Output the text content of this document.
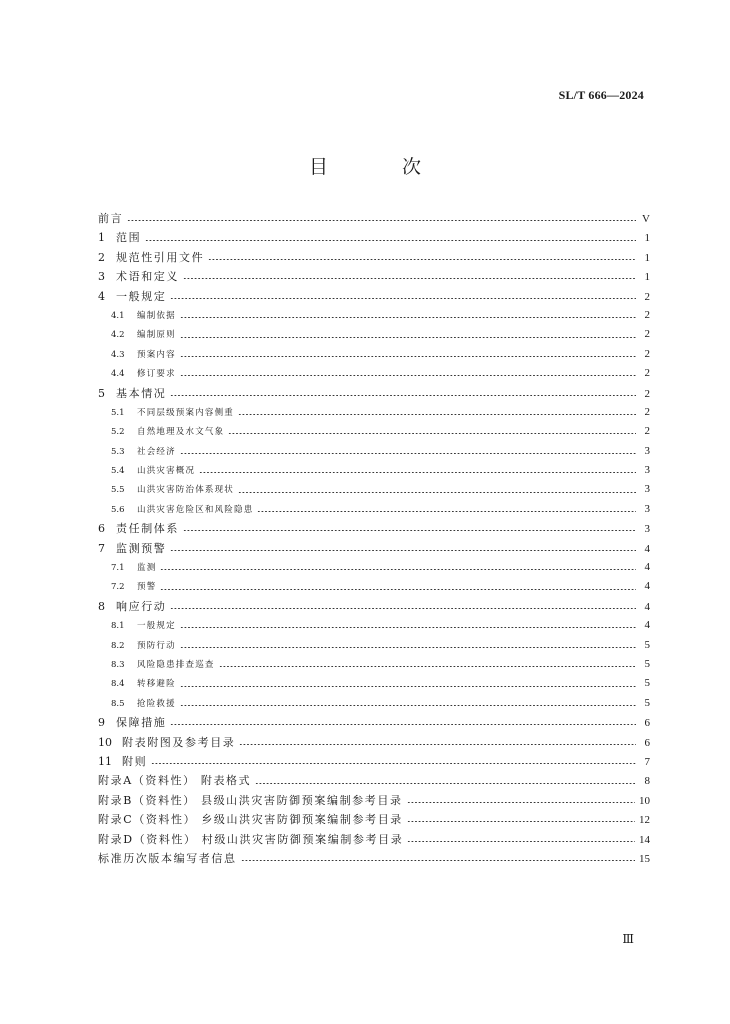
SL/T 666—2024
目 次
前言	V
1	范围	1
2	规范性引用文件	1
3	术语和定义	1
4	一般规定	2
4.1	编制依据	2
4.2	编制原则	2
4.3	预案内容	2
4.4	修订要求	2
5	基本情况	2
5.1	不同层级预案内容侧重	2
5.2	自然地理及水文气象	2
5.3	社会经济	3
5.4	山洪灾害概况	3
5.5	山洪灾害防治体系现状	3
5.6	山洪灾害危险区和风险隐患	3
6	责任制体系	3
7	监测预警	4
7.1	监测	4
7.2	预警	4
8	响应行动	4
8.1	一般规定	4
8.2	预防行动	5
8.3	风险隐患排查巡查	5
8.4	转移避险	5
8.5	抢险救援	5
9	保障措施	6
10 附表附图及参考目录	6
11 附则	7
附录A（资料性） 附表格式	8
附录B（资料性） 县级山洪灾害防御预案编制参考目录	10
附录C（资料性） 乡级山洪灾害防御预案编制参考目录	12
附录D（资料性） 村级山洪灾害防御预案编制参考目录	14
标准历次版本编写者信息	15
Ⅲ
